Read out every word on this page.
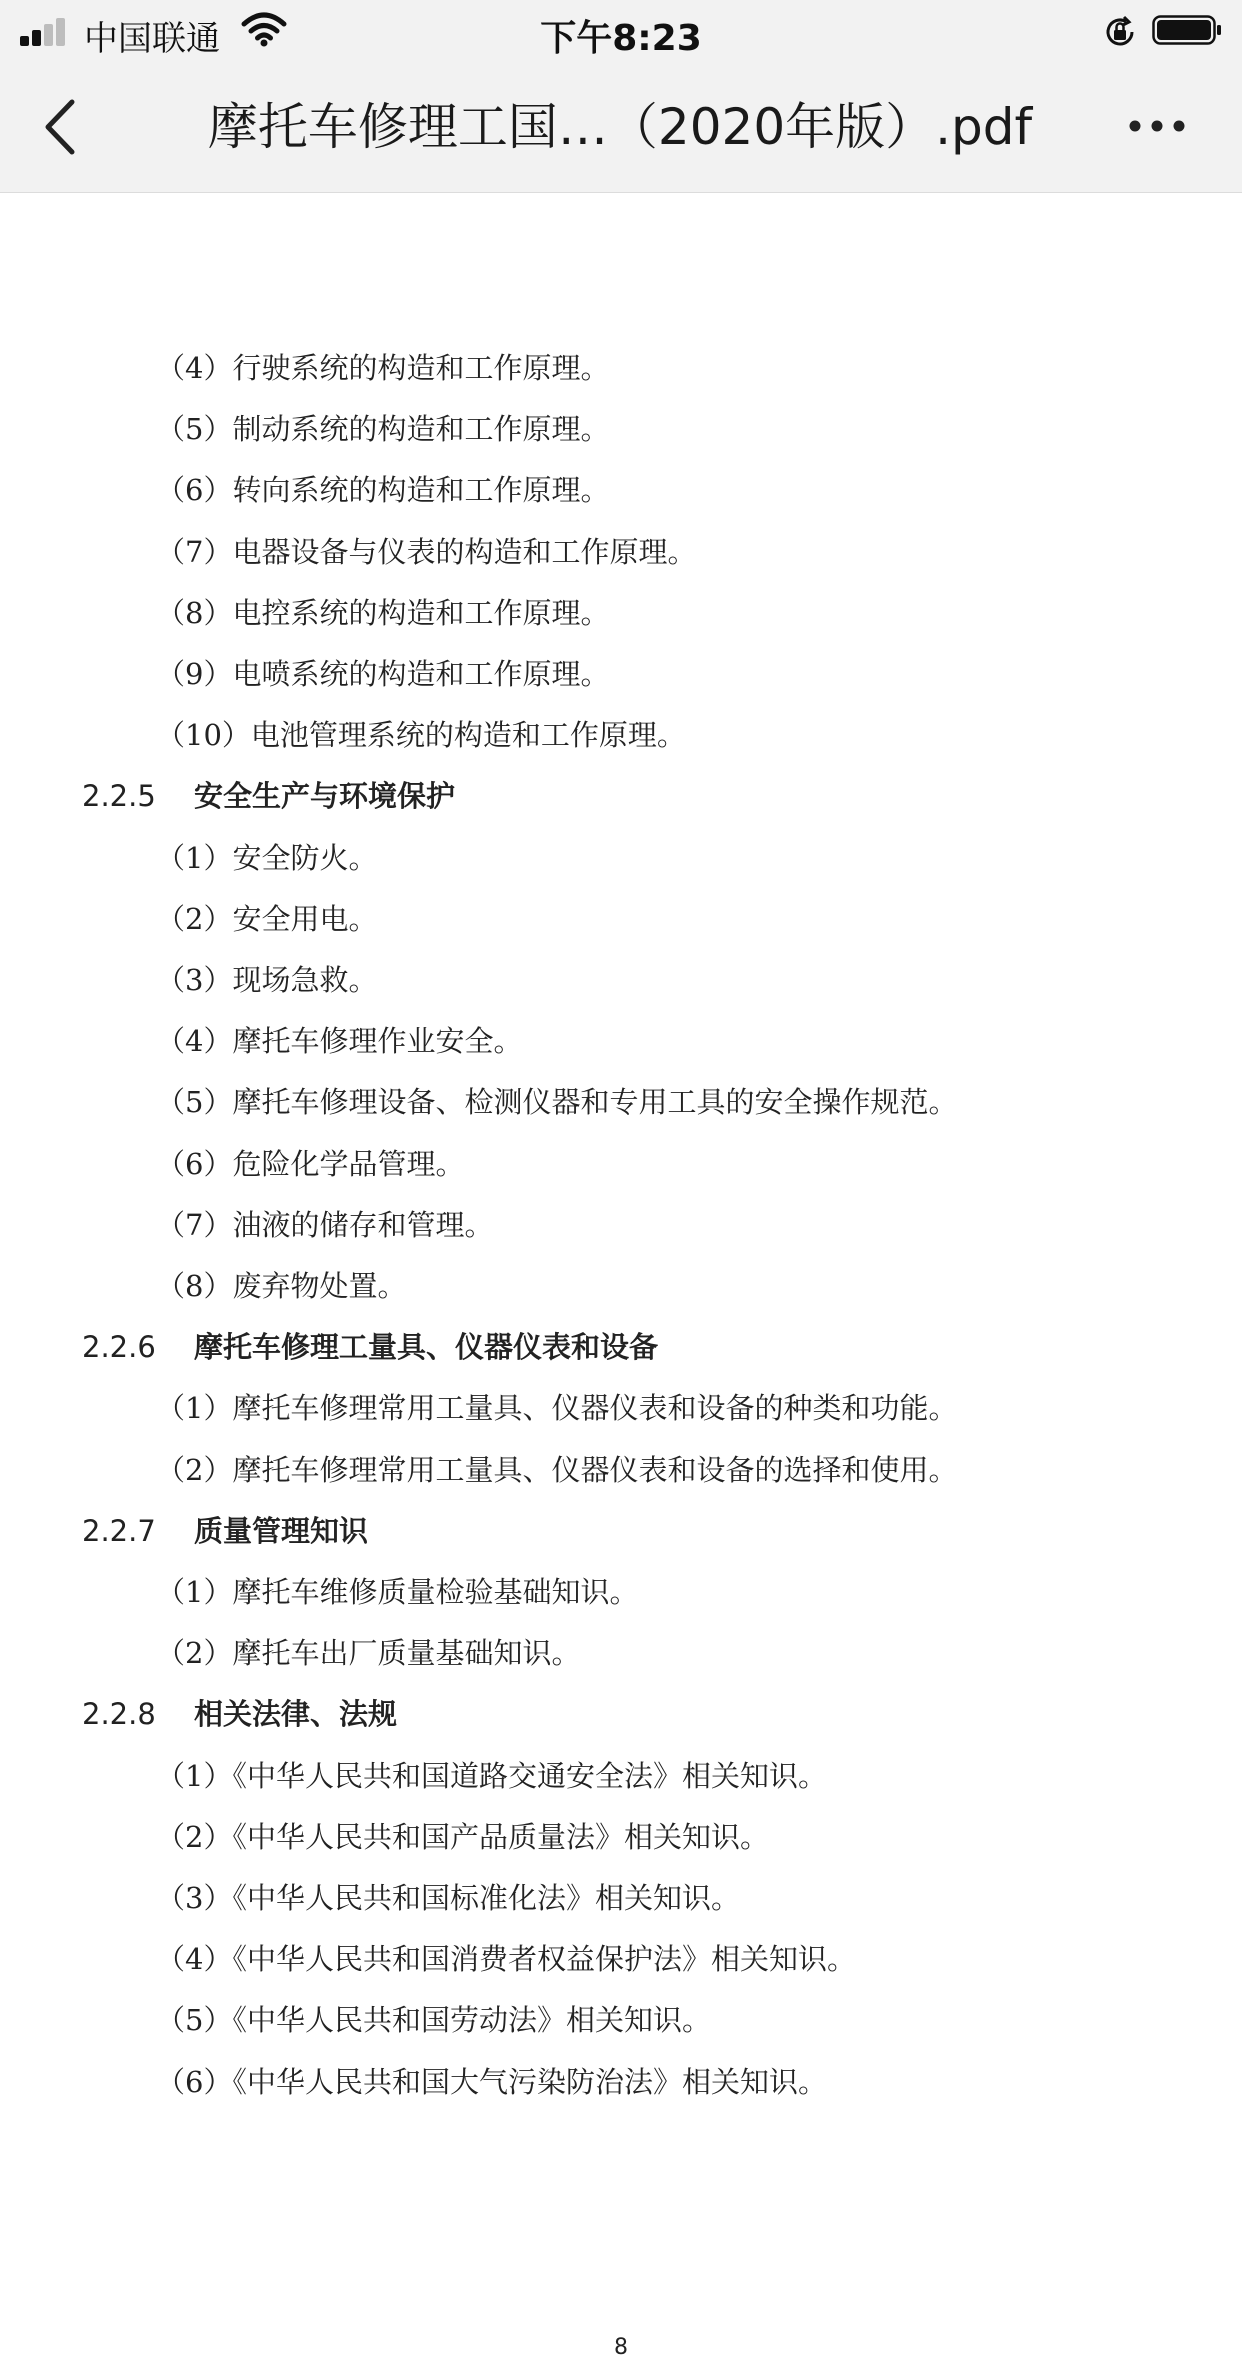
中国联通	下午8:23
摩托车修理工国…（2020年版）.pdf
（4）行驶系统的构造和工作原理。
（5）制动系统的构造和工作原理。
（6）转向系统的构造和工作原理。
（7）电器设备与仪表的构造和工作原理。
（8）电控系统的构造和工作原理。
（9）电喷系统的构造和工作原理。
（10）电池管理系统的构造和工作原理。
2.2.5 安全生产与环境保护
（1）安全防火。
（2）安全用电。
（3）现场急救。
（4）摩托车修理作业安全。
（5）摩托车修理设备、检测仪器和专用工具的安全操作规范。
（6）危险化学品管理。
（7）油液的储存和管理。
（8）废弃物处置。
2.2.6 摩托车修理工量具、仪器仪表和设备
（1）摩托车修理常用工量具、仪器仪表和设备的种类和功能。
（2）摩托车修理常用工量具、仪器仪表和设备的选择和使用。
2.2.7 质量管理知识
（1）摩托车维修质量检验基础知识。
（2）摩托车出厂质量基础知识。
2.2.8 相关法律、法规
（1）《中华人民共和国道路交通安全法》相关知识。
（2）《中华人民共和国产品质量法》相关知识。
（3）《中华人民共和国标准化法》相关知识。
（4）《中华人民共和国消费者权益保护法》相关知识。
（5）《中华人民共和国劳动法》相关知识。
（6）《中华人民共和国大气污染防治法》相关知识。
8
